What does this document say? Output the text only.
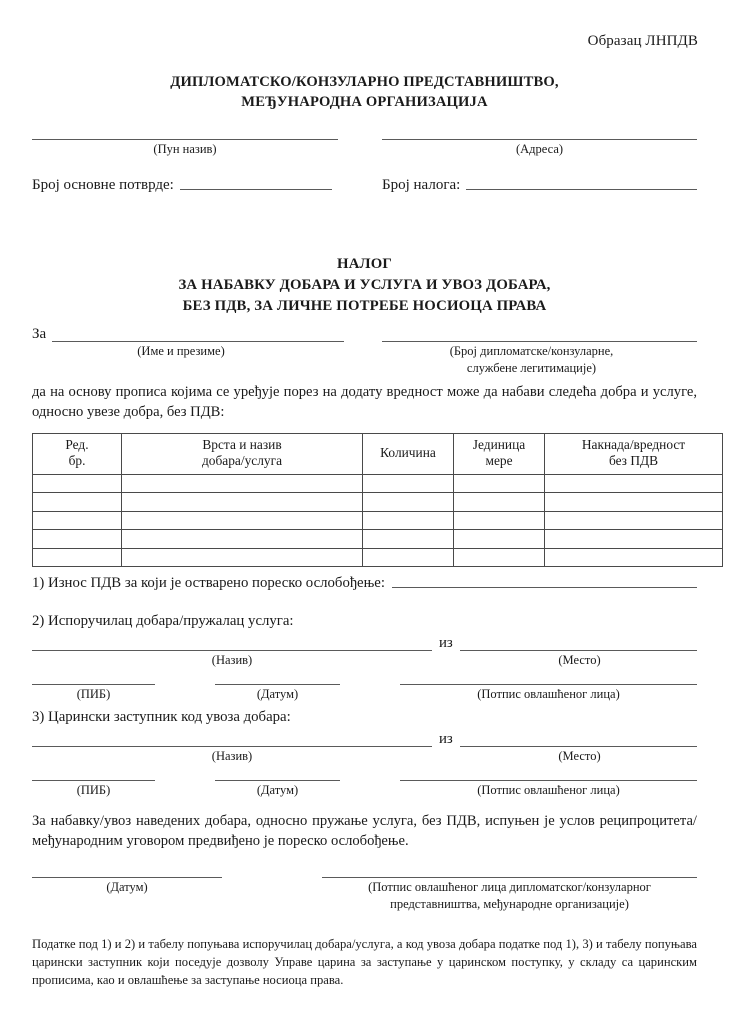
Образац ЛНПДВ
ДИПЛОМАТСКО/КОНЗУЛАРНО ПРЕДСТАВНИШТВО,
МЕЂУНАРОДНА ОРГАНИЗАЦИЈА
(Пун назив)	(Адреса)
Број основне потврде:	Број налога:
НАЛОГ
ЗА НАБАВКУ ДОБАРА И УСЛУГА И УВОЗ ДОБАРА,
БЕЗ ПДВ, ЗА ЛИЧНЕ ПОТРЕБЕ НОСИОЦА ПРАВА
За
(Име и презиме)	(Број дипломатске/конзуларне,
службене легитимације)
да на основу прописа којима се уређује порез на додату вредност може да набави следећа добра и услуге, односно увезе добра, без ПДВ:
Ред.
бр.

Врста и назив
добара/услуга

Количина

Јединица
мере

Накнада/вредност
без ПДВ

1) Износ ПДВ за који је остварено пореско ослобођење:
2) Испоручилац добара/пружалац услуга:
из
(Назив)	(Место)
(ПИБ)	(Датум)	(Потпис овлашћеног лица)
3) Царински заступник код увоза добара:
из
(Назив)	(Место)
(ПИБ)	(Датум)	(Потпис овлашћеног лица)
За набавку/увоз наведених добара, односно пружање услуга, без ПДВ, испуњен је услов реципроцитета/међународним уговором предвиђено је пореско ослобођење.
(Датум)	(Потпис овлашћеног лица дипломатског/конзуларног
представништва, међународне организације)
Податке под 1) и 2) и табелу попуњава испоручилац добара/услуга, а код увоза добара податке под 1), 3) и табелу попуњава царински заступник који поседује дозволу Управе царина за заступање у царинском поступку, у складу са царинским прописима, као и овлашћење за заступање носиоца права.
